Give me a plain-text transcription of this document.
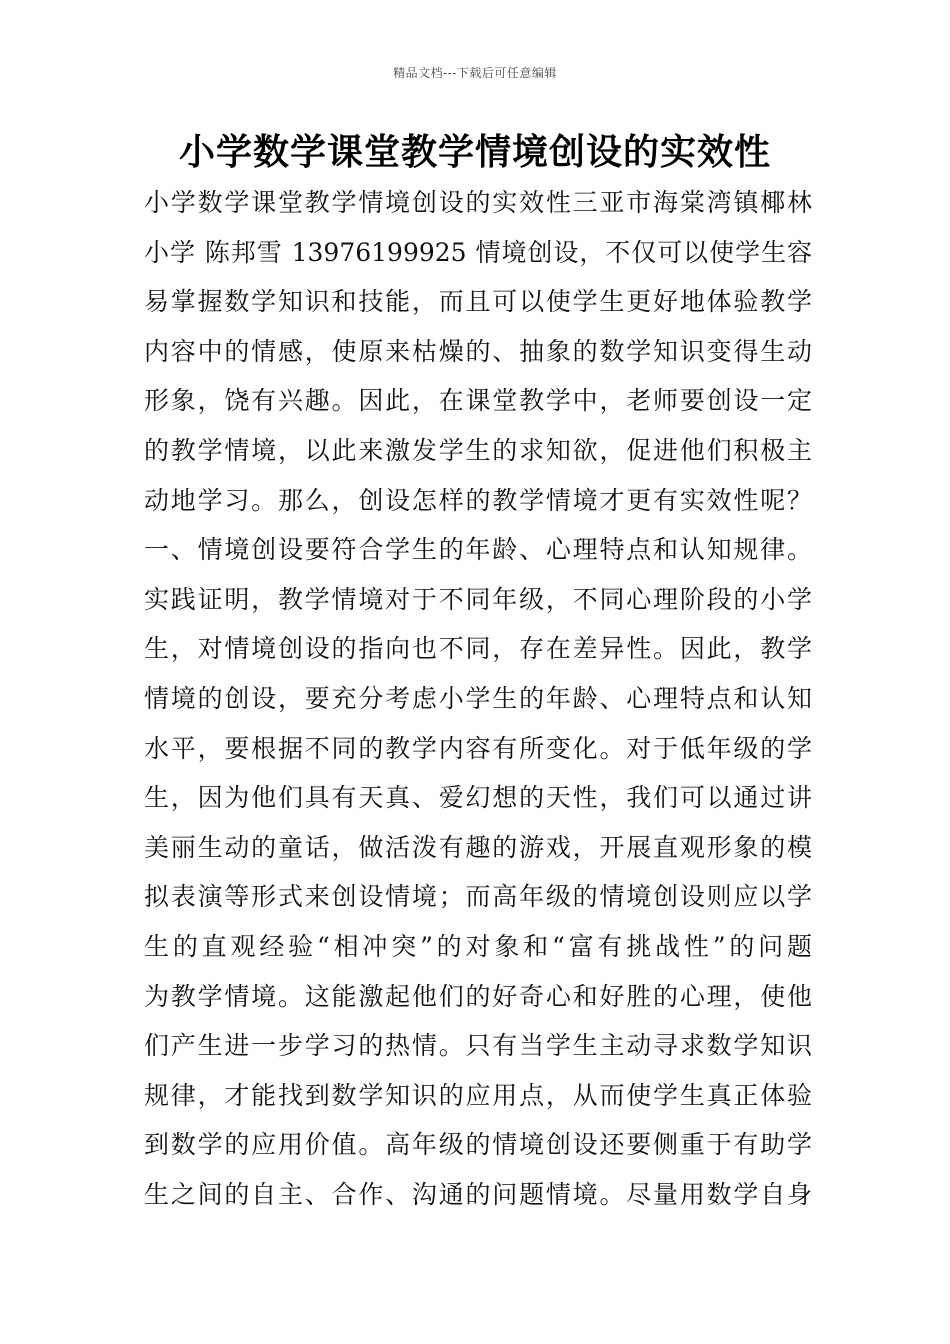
精品文档---下载后可任意编辑
小学数学课堂教学情境创设的实效性
小学数学课堂教学情境创设的实效性三亚市海棠湾镇椰林
小学 陈邦雪 13976199925 情境创设，不仅可以使学生容
易掌握数学知识和技能，而且可以使学生更好地体验教学
内容中的情感，使原来枯燥的、抽象的数学知识变得生动
形象，饶有兴趣。因此，在课堂教学中，老师要创设一定
的教学情境，以此来激发学生的求知欲，促进他们积极主
动地学习。那么，创设怎样的教学情境才更有实效性呢？
一、情境创设要符合学生的年龄、心理特点和认知规律。
实践证明，教学情境对于不同年级，不同心理阶段的小学
生，对情境创设的指向也不同，存在差异性。因此，教学
情境的创设，要充分考虑小学生的年龄、心理特点和认知
水平，要根据不同的教学内容有所变化。对于低年级的学
生，因为他们具有天真、爱幻想的天性，我们可以通过讲
美丽生动的童话，做活泼有趣的游戏，开展直观形象的模
拟表演等形式来创设情境；而高年级的情境创设则应以学
生的直观经验“相冲突”的对象和“富有挑战性”的问题
为教学情境。这能激起他们的好奇心和好胜的心理，使他
们产生进一步学习的热情。只有当学生主动寻求数学知识
规律，才能找到数学知识的应用点，从而使学生真正体验
到数学的应用价值。高年级的情境创设还要侧重于有助学
生之间的自主、合作、沟通的问题情境。尽量用数学自身
